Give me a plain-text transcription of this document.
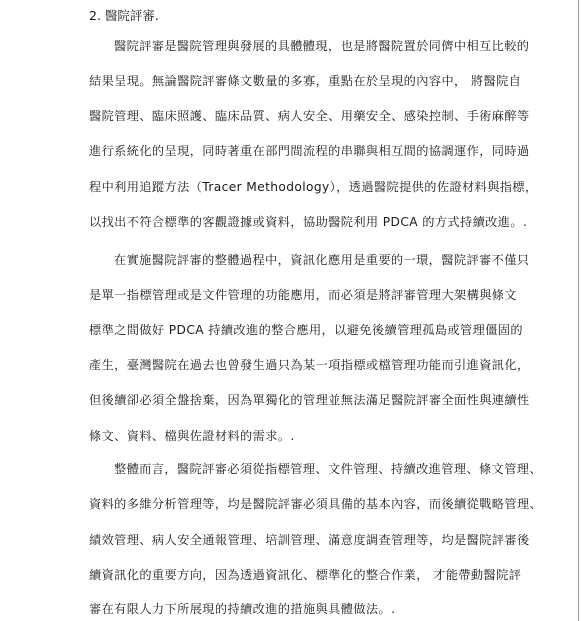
2. 醫院評審.
醫院評審是醫院管理與發展的具體體現，也是將醫院置於同儕中相互比較的
結果呈現。無論醫院評審條文數量的多寡，重點在於呈現的內容中， 將醫院自
醫院管理、臨床照護、臨床品質、病人安全、用藥安全、感染控制、手術麻醉等
進行系統化的呈現，同時著重在部門間流程的串聯與相互間的協調運作，同時過
程中利用追蹤方法（Tracer Methodology），透過醫院提供的佐證材料與指標，
以找出不符合標準的客觀證據或資料，協助醫院利用 PDCA 的方式持續改進。.
在實施醫院評審的整體過程中，資訊化應用是重要的一環，醫院評審不僅只
是單一指標管理或是文件管理的功能應用，而必須是將評審管理大架構與條文
標準之間做好 PDCA 持續改進的整合應用，以避免後續管理孤島或管理僵固的
產生，臺灣醫院在過去也曾發生過只為某一項指標或檔管理功能而引進資訊化，
但後續卻必須全盤捨棄，因為單獨化的管理並無法滿足醫院評審全面性與連續性
條文、資料、檔與佐證材料的需求。.
整體而言，醫院評審必須從指標管理、文件管理、持續改進管理、條文管理、
資料的多維分析管理等，均是醫院評審必須具備的基本內容，而後續從戰略管理、
績效管理、病人安全通報管理、培訓管理、滿意度調查管理等，均是醫院評審後
續資訊化的重要方向，因為透過資訊化、標準化的整合作業， 才能帶動醫院評
審在有限人力下所展現的持續改進的措施與具體做法。.
